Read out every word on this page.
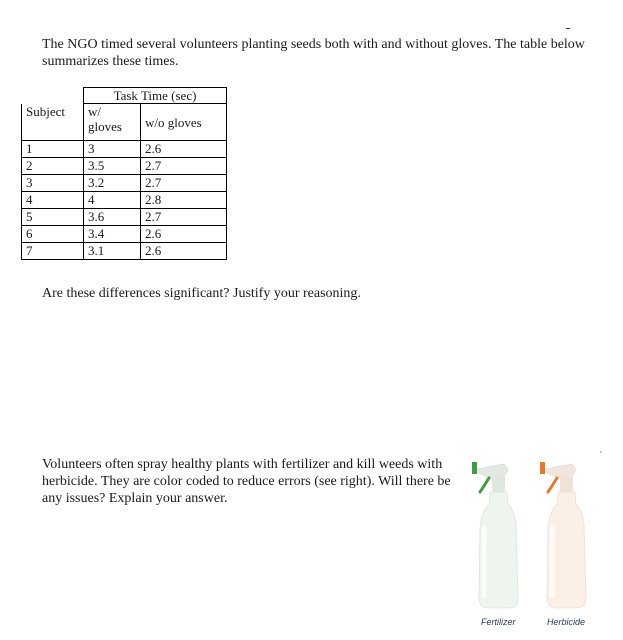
The NGO timed several volunteers planting seeds both with and without gloves. The table below summarizes these times.

	Task Time (sec)	
Subject	w/ gloves	w/o gloves
1	3	2.6
2	3.5	2.7
3	3.2	2.7
4	4	2.8
5	3.6	2.7
6	3.4	2.6
7	3.1	2.6

Are these differences significant? Justify your reasoning.

Volunteers often spray healthy plants with fertilizer and kill weeds with herbicide. They are color coded to reduce errors (see right). Will there be any issues? Explain your answer.

Fertilizer	Herbicide
